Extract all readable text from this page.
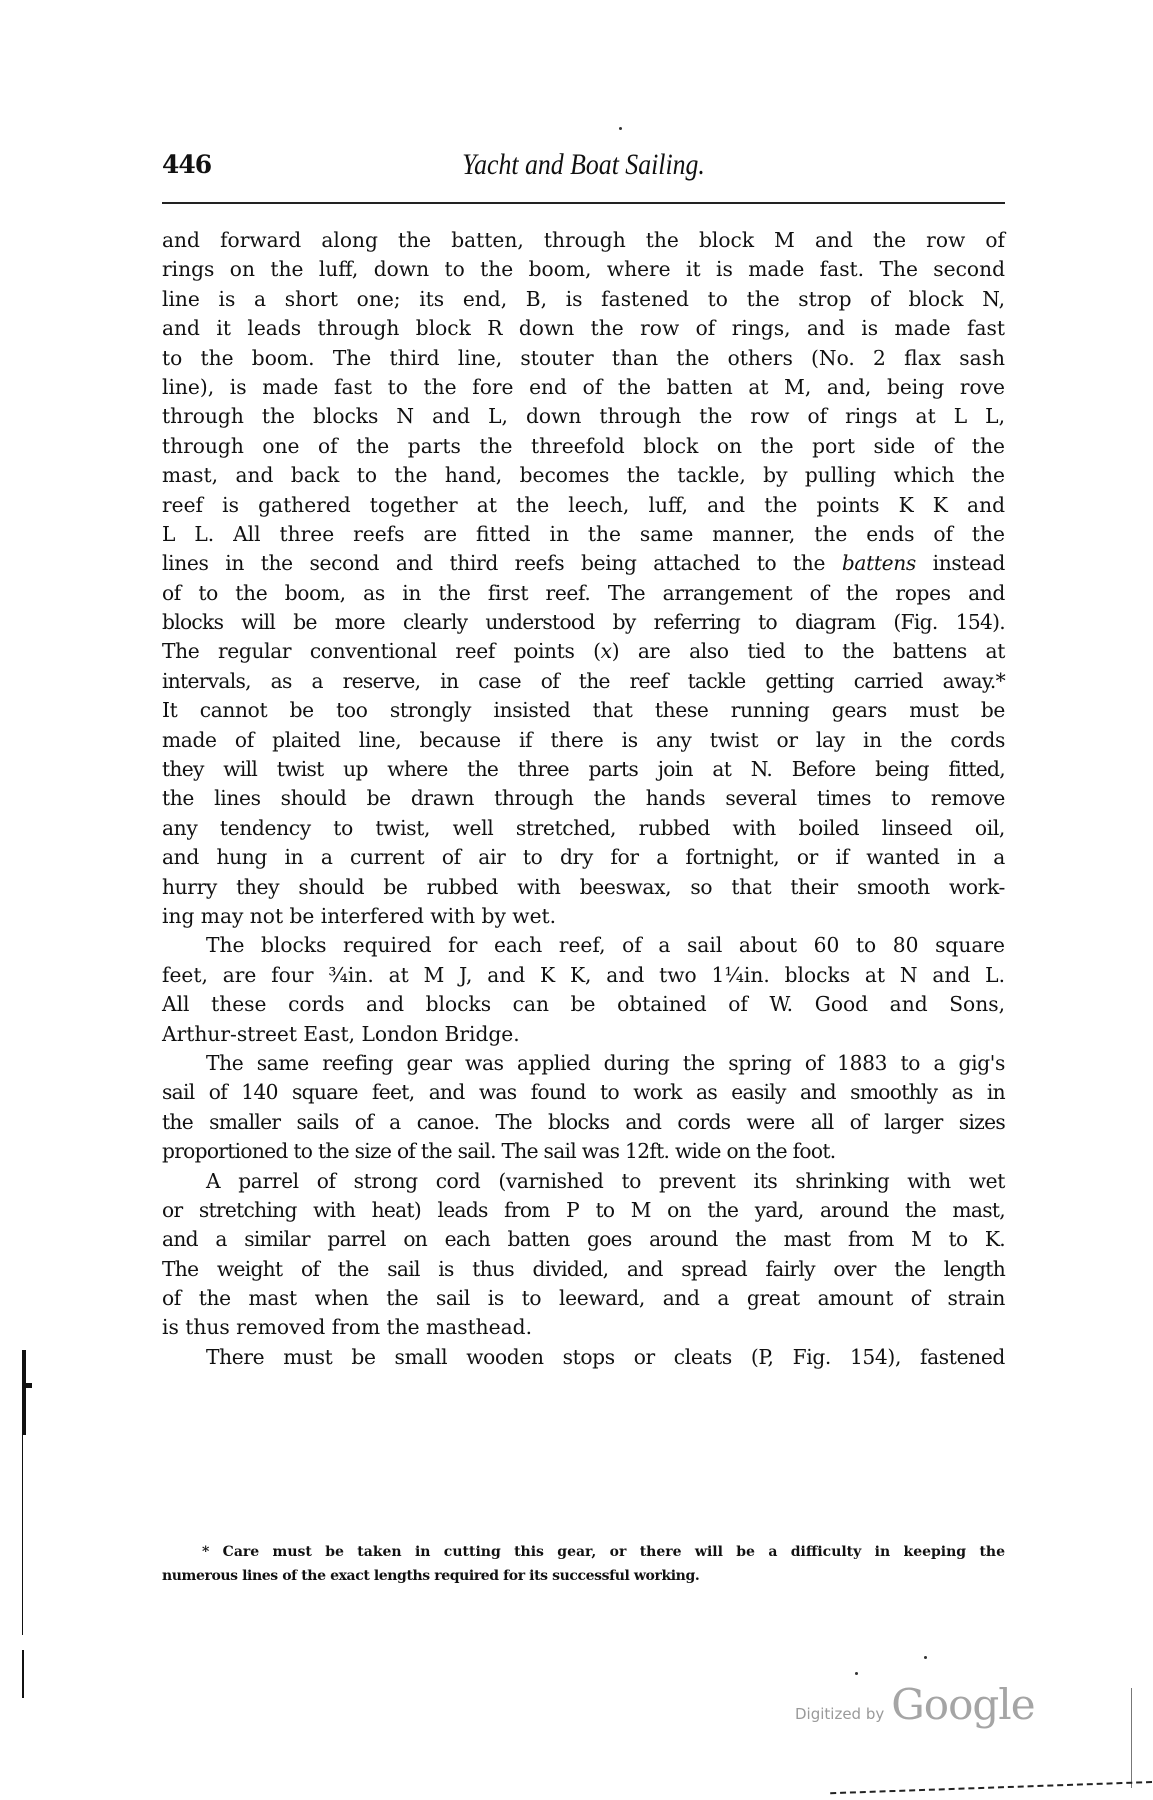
446	Yacht and Boat Sailing.
and forward along the batten, through the block M and the row of
rings on the luff, down to the boom, where it is made fast. The second
line is a short one; its end, B, is fastened to the strop of block N,
and it leads through block R down the row of rings, and is made fast
to the boom. The third line, stouter than the others (No. 2 flax sash
line), is made fast to the fore end of the batten at M, and, being rove
through the blocks N and L, down through the row of rings at L L,
through one of the parts the threefold block on the port side of the
mast, and back to the hand, becomes the tackle, by pulling which the
reef is gathered together at the leech, luff, and the points K K and
L L. All three reefs are fitted in the same manner, the ends of the
lines in the second and third reefs being attached to the battens instead
of to the boom, as in the first reef. The arrangement of the ropes and
blocks will be more clearly understood by referring to diagram (Fig. 154).
The regular conventional reef points (x) are also tied to the battens at
intervals, as a reserve, in case of the reef tackle getting carried away.*
It cannot be too strongly insisted that these running gears must be
made of plaited line, because if there is any twist or lay in the cords
they will twist up where the three parts join at N. Before being fitted,
the lines should be drawn through the hands several times to remove
any tendency to twist, well stretched, rubbed with boiled linseed oil,
and hung in a current of air to dry for a fortnight, or if wanted in a
hurry they should be rubbed with beeswax, so that their smooth work-
ing may not be interfered with by wet.
The blocks required for each reef, of a sail about 60 to 80 square
feet, are four ¾in. at M J, and K K, and two 1¼in. blocks at N and L.
All these cords and blocks can be obtained of W. Good and Sons,
Arthur-street East, London Bridge.
The same reefing gear was applied during the spring of 1883 to a gig's
sail of 140 square feet, and was found to work as easily and smoothly as in
the smaller sails of a canoe. The blocks and cords were all of larger sizes
proportioned to the size of the sail. The sail was 12ft. wide on the foot.
A parrel of strong cord (varnished to prevent its shrinking with wet
or stretching with heat) leads from P to M on the yard, around the mast,
and a similar parrel on each batten goes around the mast from M to K.
The weight of the sail is thus divided, and spread fairly over the length
of the mast when the sail is to leeward, and a great amount of strain
is thus removed from the masthead.
There must be small wooden stops or cleats (P, Fig. 154), fastened
* Care must be taken in cutting this gear, or there will be a difficulty in keeping the
numerous lines of the exact lengths required for its successful working.
Digitized by Google
